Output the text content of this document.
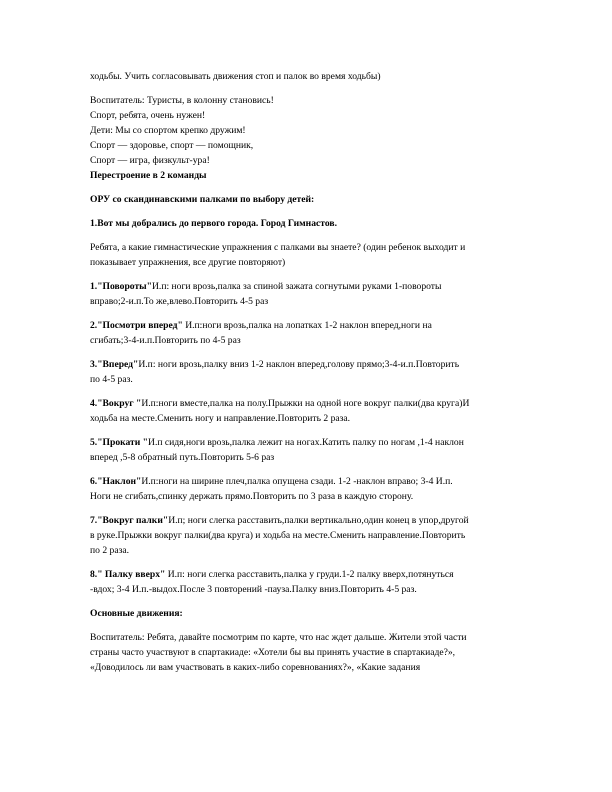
ходьбы. Учить согласовывать движения стоп и палок во время ходьбы)
Воспитатель: Туристы, в колонну становись!
Спорт, ребята, очень нужен!
Дети: Мы со спортом крепко дружим!
Спорт — здоровье, спорт — помощник,
Спорт — игра, физкульт-ура!
Перестроение в 2 команды
ОРУ со скандинавскими палками по выбору детей:
1.Вот мы добрались до первого города. Город Гимнастов.
Ребята, а какие гимнастические упражнения с палками вы знаете? (один ребенок выходит и
показывает упражнения, все другие повторяют)
1."Повороты"И.п: ноги врозь,палка за спиной зажата согнутыми руками 1-повороты
вправо;2-и.п.То же,влево.Повторить 4-5 раз
2."Посмотри вперед" И.п:ноги врозь,палка на лопатках 1-2 наклон вперед,ноги на
сгибать;3-4-и.п.Повторить по 4-5 раз
3."Вперед"И.п: ноги врозь,палку вниз 1-2 наклон вперед,голову прямо;3-4-и.п.Повторить
по 4-5 раз.
4."Вокруг "И.п:ноги вместе,палка на полу.Прыжки на одной ноге вокруг палки(два круга)И
ходьба на месте.Сменить ногу и направление.Повторить 2 раза.
5."Прокати "И.п сидя,ноги врозь,палка лежит на ногах.Катить палку по ногам ,1-4 наклон
вперед ,5-8 обратный путь.Повторить 5-6 раз
6."Наклон"И.п:ноги на ширине плеч,палка опущена сзади. 1-2 -наклон вправо; 3-4 И.п.
Ноги не сгибать,спинку держать прямо.Повторить по 3 раза в каждую сторону.
7."Вокруг палки"И.п; ноги слегка расставить,палки вертикально,один конец в упор,другой
в руке.Прыжки вокруг палки(два круга) и ходьба на месте.Сменить направление.Повторить
по 2 раза.
8." Палку вверх" И.п: ноги слегка расставить,палка у груди.1-2 палку вверх,потянуться
-вдох; 3-4 И.п.-выдох.После 3 повторений -пауза.Палку вниз.Повторить 4-5 раз.
Основные движения:
Воспитатель: Ребята, давайте посмотрим по карте, что нас ждет дальше. Жители этой части
страны часто участвуют в спартакиаде: «Хотели бы вы принять участие в спартакиаде?»,
«Доводилось ли вам участвовать в каких-либо соревнованиях?», «Какие задания
